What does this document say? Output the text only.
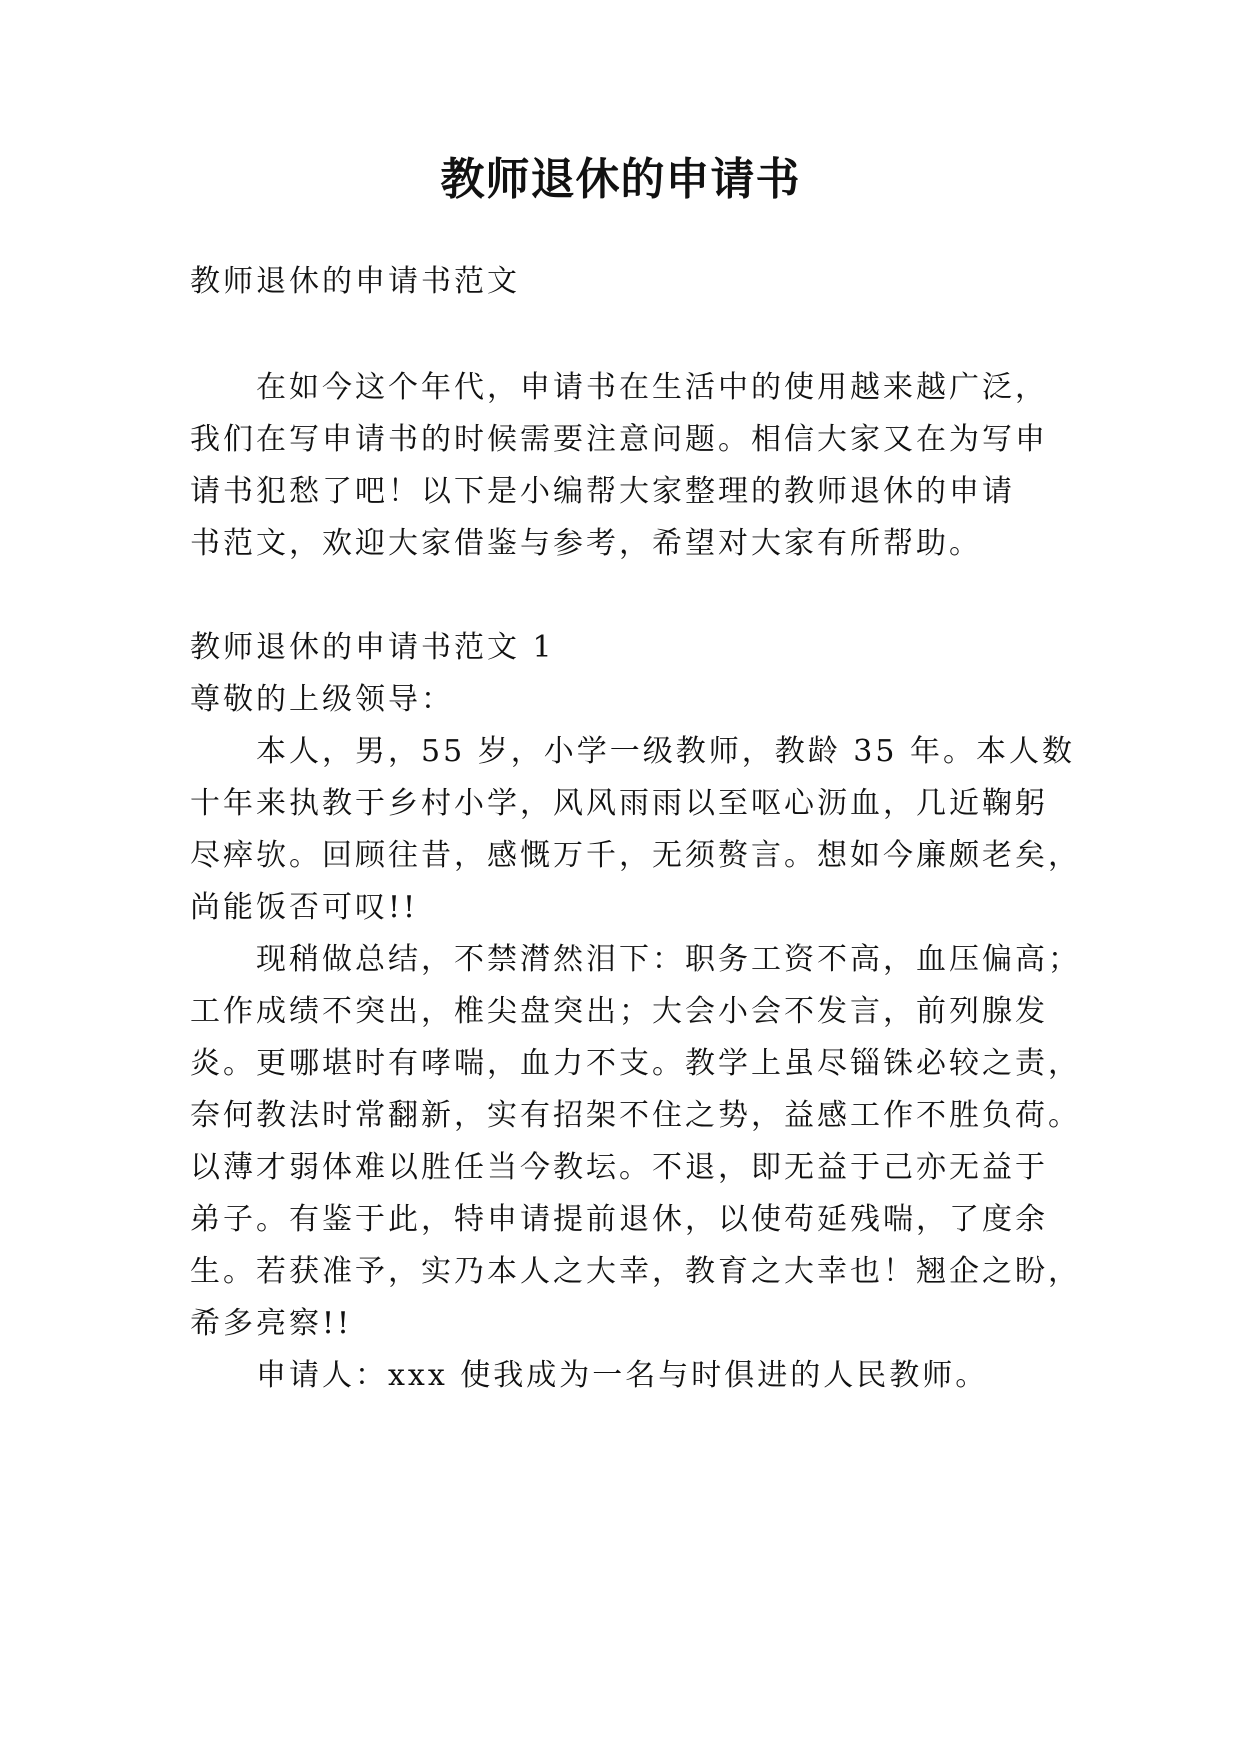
教师退休的申请书
教师退休的申请书范文
在如今这个年代，申请书在生活中的使用越来越广泛，
我们在写申请书的时候需要注意问题。相信大家又在为写申
请书犯愁了吧！以下是小编帮大家整理的教师退休的申请
书范文，欢迎大家借鉴与参考，希望对大家有所帮助。
教师退休的申请书范文 1
尊敬的上级领导：
本人，男，55 岁，小学一级教师，教龄 35 年。本人数
十年来执教于乡村小学，风风雨雨以至呕心沥血，几近鞠躬
尽瘁欤。回顾往昔，感慨万千，无须赘言。想如今廉颇老矣，
尚能饭否可叹!!
现稍做总结，不禁潸然泪下：职务工资不高，血压偏高；
工作成绩不突出，椎尖盘突出；大会小会不发言，前列腺发
炎。更哪堪时有哮喘，血力不支。教学上虽尽锱铢必较之责，
奈何教法时常翻新，实有招架不住之势，益感工作不胜负荷。
以薄才弱体难以胜任当今教坛。不退，即无益于己亦无益于
弟子。有鉴于此，特申请提前退休，以使苟延残喘，了度余
生。若获准予，实乃本人之大幸，教育之大幸也！翘企之盼，
希多亮察!!
申请人：xxx 使我成为一名与时俱进的人民教师。
